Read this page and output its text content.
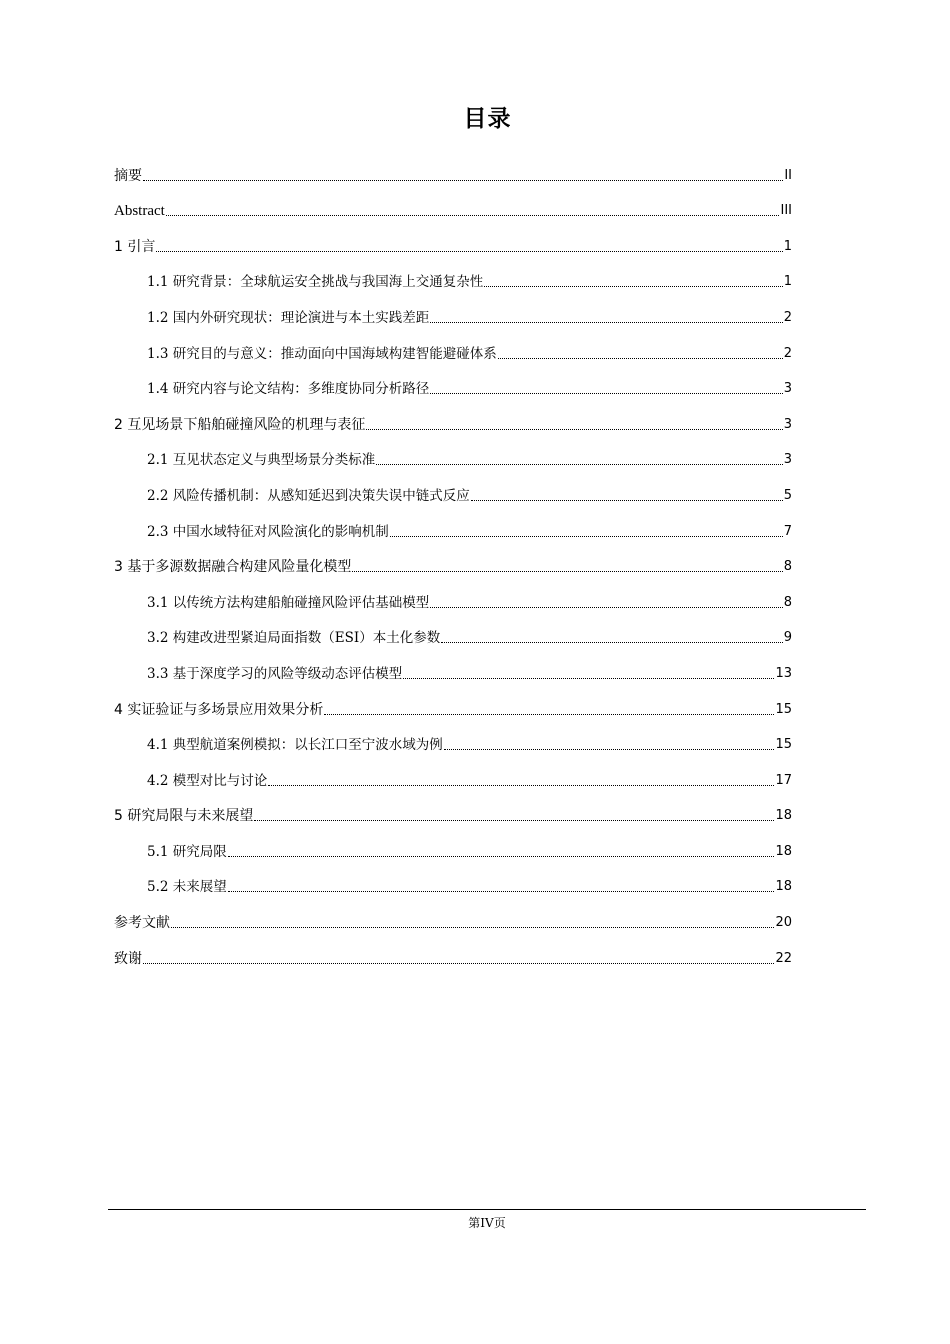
目录
摘要	II
Abstract	III
1 引言	1
1.1 研究背景：全球航运安全挑战与我国海上交通复杂性	1
1.2 国内外研究现状：理论演进与本土实践差距	2
1.3 研究目的与意义：推动面向中国海域构建智能避碰体系	2
1.4 研究内容与论文结构：多维度协同分析路径	3
2 互见场景下船舶碰撞风险的机理与表征	3
2.1 互见状态定义与典型场景分类标准	3
2.2 风险传播机制：从感知延迟到决策失误中链式反应	5
2.3 中国水域特征对风险演化的影响机制	7
3 基于多源数据融合构建风险量化模型	8
3.1 以传统方法构建船舶碰撞风险评估基础模型	8
3.2 构建改进型紧迫局面指数（ESI）本土化参数	9
3.3 基于深度学习的风险等级动态评估模型	13
4 实证验证与多场景应用效果分析	15
4.1 典型航道案例模拟：以长江口至宁波水域为例	15
4.2 模型对比与讨论	17
5 研究局限与未来展望	18
5.1 研究局限	18
5.2 未来展望	18
参考文献	20
致谢	22
第IV页
